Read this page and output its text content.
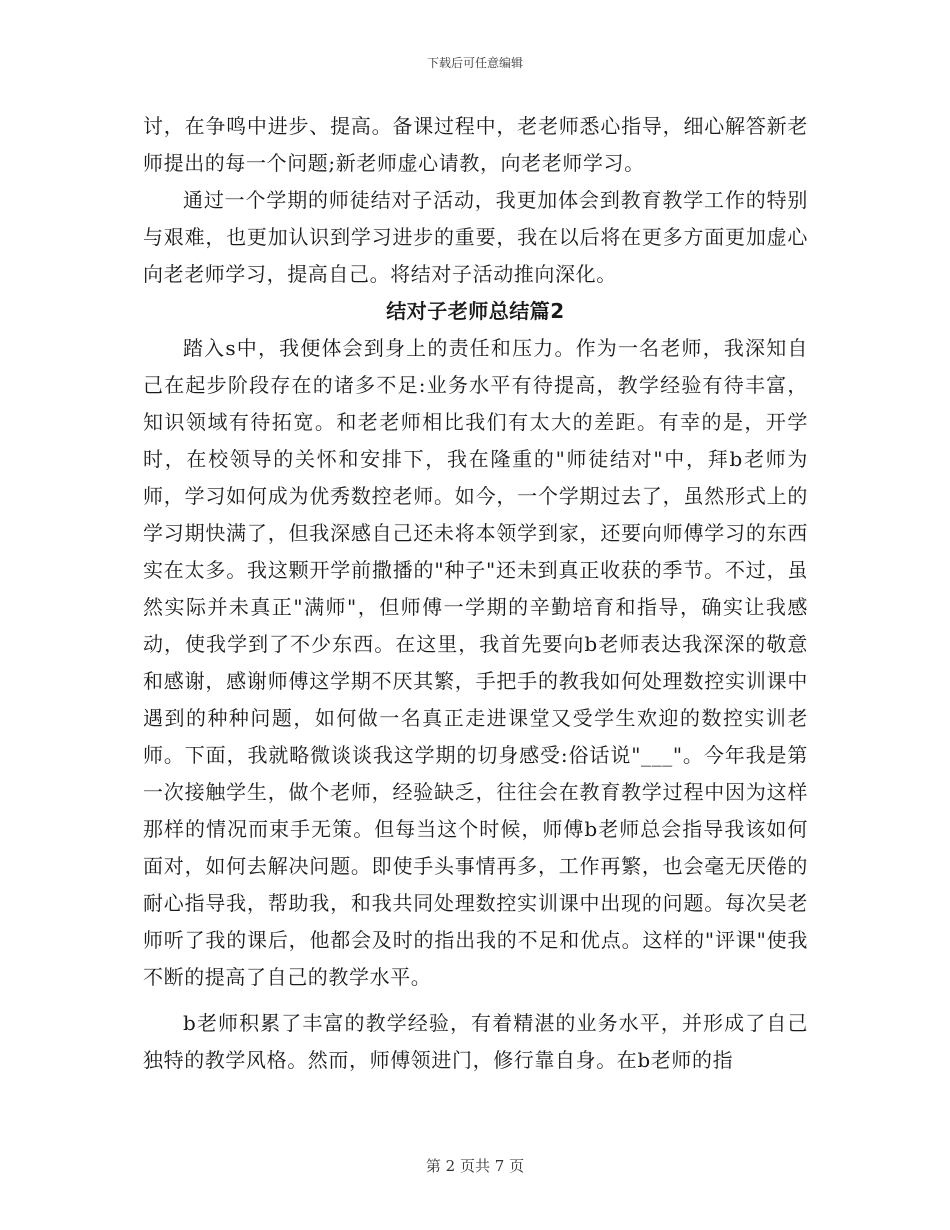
下载后可任意编辑

讨，在争鸣中进步、提高。备课过程中，老老师悉心指导，细心解答新老师提出的每一个问题;新老师虚心请教，向老老师学习。

通过一个学期的师徒结对子活动，我更加体会到教育教学工作的特别与艰难，也更加认识到学习进步的重要，我在以后将在更多方面更加虚心向老老师学习，提高自己。将结对子活动推向深化。

结对子老师总结篇2

踏入s中，我便体会到身上的责任和压力。作为一名老师，我深知自己在起步阶段存在的诸多不足:业务水平有待提高，教学经验有待丰富，知识领域有待拓宽。和老老师相比我们有太大的差距。有幸的是，开学时，在校领导的关怀和安排下，我在隆重的"师徒结对"中，拜b老师为师，学习如何成为优秀数控老师。如今，一个学期过去了，虽然形式上的学习期快满了，但我深感自己还未将本领学到家，还要向师傅学习的东西实在太多。我这颗开学前撒播的"种子"还未到真正收获的季节。不过，虽然实际并未真正"满师"，但师傅一学期的辛勤培育和指导，确实让我感动，使我学到了不少东西。在这里，我首先要向b老师表达我深深的敬意和感谢，感谢师傅这学期不厌其繁，手把手的教我如何处理数控实训课中遇到的种种问题，如何做一名真正走进课堂又受学生欢迎的数控实训老师。下面，我就略微谈谈我这学期的切身感受:俗话说"___"。今年我是第一次接触学生，做个老师，经验缺乏，往往会在教育教学过程中因为这样那样的情况而束手无策。但每当这个时候，师傅b老师总会指导我该如何面对，如何去解决问题。即使手头事情再多，工作再繁，也会毫无厌倦的耐心指导我，帮助我，和我共同处理数控实训课中出现的问题。每次吴老师听了我的课后，他都会及时的指出我的不足和优点。这样的"评课"使我不断的提高了自己的教学水平。

b老师积累了丰富的教学经验，有着精湛的业务水平，并形成了自己独特的教学风格。然而，师傅领进门，修行靠自身。在b老师的指

第 2 页共 7 页
